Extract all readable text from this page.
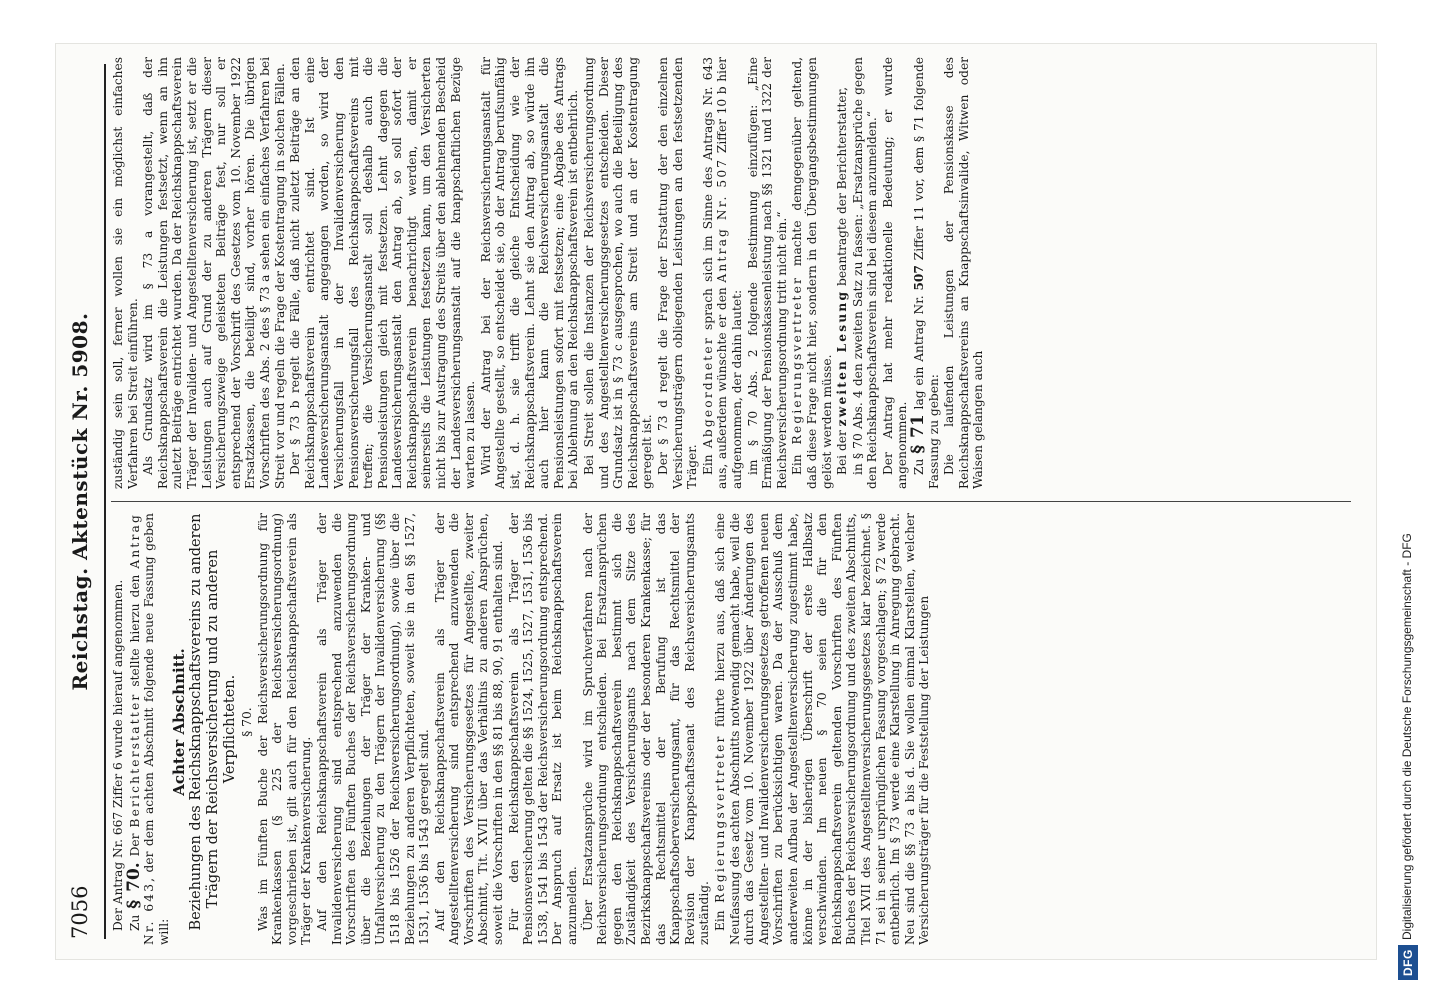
7056
Reichstag. Aktenstück Nr. 5908.

Der Antrag Nr. 667 Ziffer 6 wurde hierauf angenommen. Zu § 70. Der Berichterstatter stellte hierzu den Antrag Nr. 643, der dem achten Abschnitt folgende neue Fassung geben will:

Achter Abschnitt. Beziehungen des Reichsknappschaftsvereins zu anderen Trägern der Reichsversicherung und zu anderen Verpflichteten. § 70. Was im Fünften Buche der Reichsversicherungsordnung für Krankenkassen (§ 225 der Reichsversicherungsordnung) vorgeschrieben ist, gilt auch für den Reichsknappschaftsverein als Träger der Krankenversicherung. Auf den Reichsknappschaftsverein als Träger der Invalidenversicherung sind entsprechend anzuwenden die Vorschriften des Fünften Buches der Reichsversicherungsordnung über die Beziehungen der Träger der Kranken- und Unfallversicherung zu den Trägern der Invalidenversicherung (§§ 1518 bis 1526 der Reichsversicherungsordnung), sowie über die Beziehungen zu anderen Verpflichteten, soweit sie in den §§ 1527, 1531, 1536 bis 1543 geregelt sind. Auf den Reichsknappschaftsverein als Träger der Angestelltenversicherung sind entsprechend anzuwenden die Vorschriften des Versicherungsgesetzes für Angestellte, zweiter Abschnitt, Tit. XVII über das Verhältnis zu anderen Ansprüchen, soweit die Vorschriften in den §§ 81 bis 88, 90, 91 enthalten sind. Für den Reichsknappschaftsverein als Träger der Pensionsversicherung gelten die §§ 1524, 1525, 1527, 1531, 1536 bis 1538, 1541 bis 1543 der Reichsversicherungsordnung entsprechend. Der Anspruch auf Ersatz ist beim Reichsknappschaftsverein anzumelden. Über Ersatzansprüche wird im Spruchverfahren nach der Reichsversicherungsordnung entschieden. Bei Ersatzansprüchen gegen den Reichsknappschaftsverein bestimmt sich die Zuständigkeit des Versicherungsamts nach dem Sitze des Bezirksknappschaftsvereins oder der besonderen Krankenkasse; für das Rechtsmittel der Berufung ist das Knappschaftsoberversicherungsamt, für das Rechtsmittel der Revision der Knappschaftssenat des Reichsversicherungsamts zuständig. Ein Regierungsvertreter führte hierzu aus, daß sich eine Neufassung des achten Abschnitts notwendig gemacht habe, weil die durch das Gesetz vom 10. November 1922 über Änderungen des Angestellten- und Invalidenversicherungsgesetzes getroffenen neuen Vorschriften zu berücksichtigen waren. Da der Ausschuß dem anderweiten Aufbau der Angestelltenversicherung zugestimmt habe, könne in der bisherigen Überschrift der erste Halbsatz verschwinden. Im neuen § 70 seien die für den Reichsknappschaftsverein geltenden Vorschriften des Fünften Buches der Reichsversicherungsordnung und des zweiten Abschnitts, Titel XVII des Angestelltenversicherungsgesetzes klar bezeichnet. § 71 sei in seiner ursprünglichen Fassung vorgeschlagen; § 72 werde entbehrlich. Im § 73 werde eine Klarstellung in Anregung gebracht. Neu sind die §§ 73 a bis d. Sie wollen einmal Klarstellen, welcher Versicherungsträger für die Feststellung der Leistungen

zuständig sein soll, ferner wollen sie ein möglichst einfaches Verfahren bei Streit einführen. Als Grundsatz wird im § 73 a vorangestellt, daß der Reichsknappschaftsverein die Leistungen festsetzt, wenn an ihn zuletzt Beiträge entrichtet wurden. Da der Reichsknappschaftsverein Träger der Invaliden- und Angestelltenversicherung ist, setzt er die Leistungen auch auf Grund der zu anderen Trägern dieser Versicherungszweige geleisteten Beiträge fest, nur soll er entsprechend der Vorschrift des Gesetzes vom 10. November 1922 Ersatzkassen, die beteiligt sind, vorher hören. Die übrigen Vorschriften des Abs. 2 des § 73 a sehen ein einfaches Verfahren bei Streit vor und regeln die Frage der Kostentragung in solchen Fällen. Der § 73 b regelt die Fälle, daß nicht zuletzt Beiträge an den Reichsknappschaftsverein entrichtet sind. Ist eine Landesversicherungsanstalt angegangen worden, so wird der Versicherungsfall in der Invalidenversicherung den Pensionsversicherungsfall des Reichsknappschaftsvereins mit treffen; die Versicherungsanstalt soll deshalb auch die Pensionsleistungen gleich mit festsetzen. Lehnt dagegen die Landesversicherungsanstalt den Antrag ab, so soll sofort der Reichsknappschaftsverein benachrichtigt werden, damit er seinerseits die Leistungen festsetzen kann, um den Versicherten nicht bis zur Austragung des Streits über den ablehnenden Bescheid der Landesversicherungsanstalt auf die knappschaftlichen Bezüge warten zu lassen. Wird der Antrag bei der Reichsversicherungsanstalt für Angestellte gestellt, so entscheidet sie, ob der Antrag berufsunfähig ist, d. h. sie trifft die gleiche Entscheidung wie der Reichsknappschaftsverein. Lehnt sie den Antrag ab, so würde ihn auch hier kann die Reichsversicherungsanstalt die Pensionsleistungen sofort mit festsetzen; eine Abgabe des Antrags bei Ablehnung an den Reichsknappschaftsverein ist entbehrlich. Bei Streit sollen die Instanzen der Reichsversicherungsordnung und des Angestelltenversicherungsgesetzes entscheiden. Dieser Grundsatz ist in § 73 c ausgesprochen, wo auch die Beteiligung des Reichsknappschaftsvereins am Streit und an der Kostentragung geregelt ist. Der § 73 d regelt die Frage der Erstattung der den einzelnen Versicherungsträgern obliegenden Leistungen an den festsetzenden Träger. Ein Abgeordneter sprach sich im Sinne des Antrags Nr. 643 aus, außerdem wünschte er den Antrag Nr. 507 Ziffer 10 b hier aufgenommen, der dahin lautet: im § 70 Abs. 2 folgende Bestimmung einzufügen: „Eine Ermäßigung der Pensionskassenleistung nach §§ 1321 und 1322 der Reichsversicherungsordnung tritt nicht ein.“ Ein Regierungsvertreter machte demgegenüber geltend, daß diese Frage nicht hier, sondern in den Übergangsbestimmungen gelöst werden müsse. Bei der zweiten Lesung beantragte der Berichterstatter, in § 70 Abs. 4 den zweiten Satz zu fassen: „Ersatzansprüche gegen den Reichsknappschaftsverein sind bei diesem anzumelden.“ Der Antrag hat mehr redaktionelle Bedeutung; er wurde angenommen. Zu § 71 lag ein Antrag Nr. 507 Ziffer 11 vor, dem § 71 folgende Fassung zu geben: Die laufenden Leistungen der Pensionskasse des Reichsknappschaftsvereins an Knappschaftsinvalide, Witwen oder Waisen gelangen auch

DFG
Digitalisierung gefördert durch die Deutsche Forschungsgemeinschaft - DFG
